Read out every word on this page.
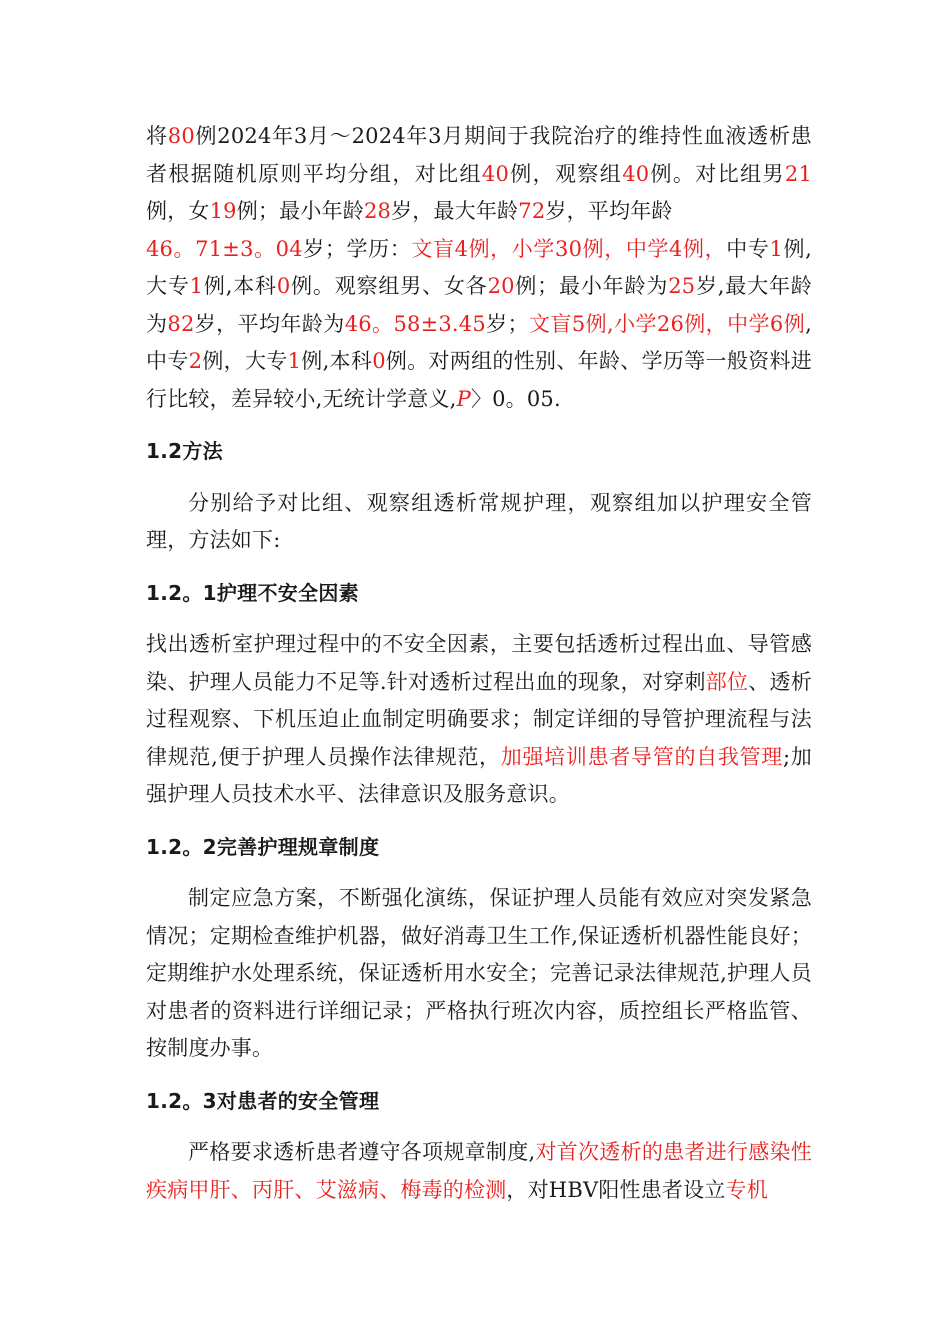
将80例2024年3月～2024年3月期间于我院治疗的维持性血液透析患者根据随机原则平均分组，对比组40例，观察组40例。对比组男21例，女19例；最小年龄28岁，最大年龄72岁，平均年龄
46。71±3。04岁；学历：文盲4例，小学30例，中学4例，中专1例,大专1例,本科0例。观察组男、女各20例；最小年龄为25岁,最大年龄为82岁，平均年龄为46。58±3.45岁；文盲5例,小学26例，中学6例,中专2例，大专1例,本科0例。对两组的性别、年龄、学历等一般资料进行比较，差异较小,无统计学意义,P〉0。05.

1.2方法

分别给予对比组、观察组透析常规护理，观察组加以护理安全管理，方法如下:

1.2。1护理不安全因素

找出透析室护理过程中的不安全因素，主要包括透析过程出血、导管感染、护理人员能力不足等.针对透析过程出血的现象，对穿刺部位、透析过程观察、下机压迫止血制定明确要求；制定详细的导管护理流程与法律规范,便于护理人员操作法律规范，加强培训患者导管的自我管理;加强护理人员技术水平、法律意识及服务意识。

1.2。2完善护理规章制度

制定应急方案，不断强化演练，保证护理人员能有效应对突发紧急情况；定期检查维护机器，做好消毒卫生工作,保证透析机器性能良好；定期维护水处理系统，保证透析用水安全；完善记录法律规范,护理人员对患者的资料进行详细记录；严格执行班次内容，质控组长严格监管、按制度办事。

1.2。3对患者的安全管理

严格要求透析患者遵守各项规章制度,对首次透析的患者进行感染性疾病甲肝、丙肝、艾滋病、梅毒的检测，对HBV阳性患者设立专机
